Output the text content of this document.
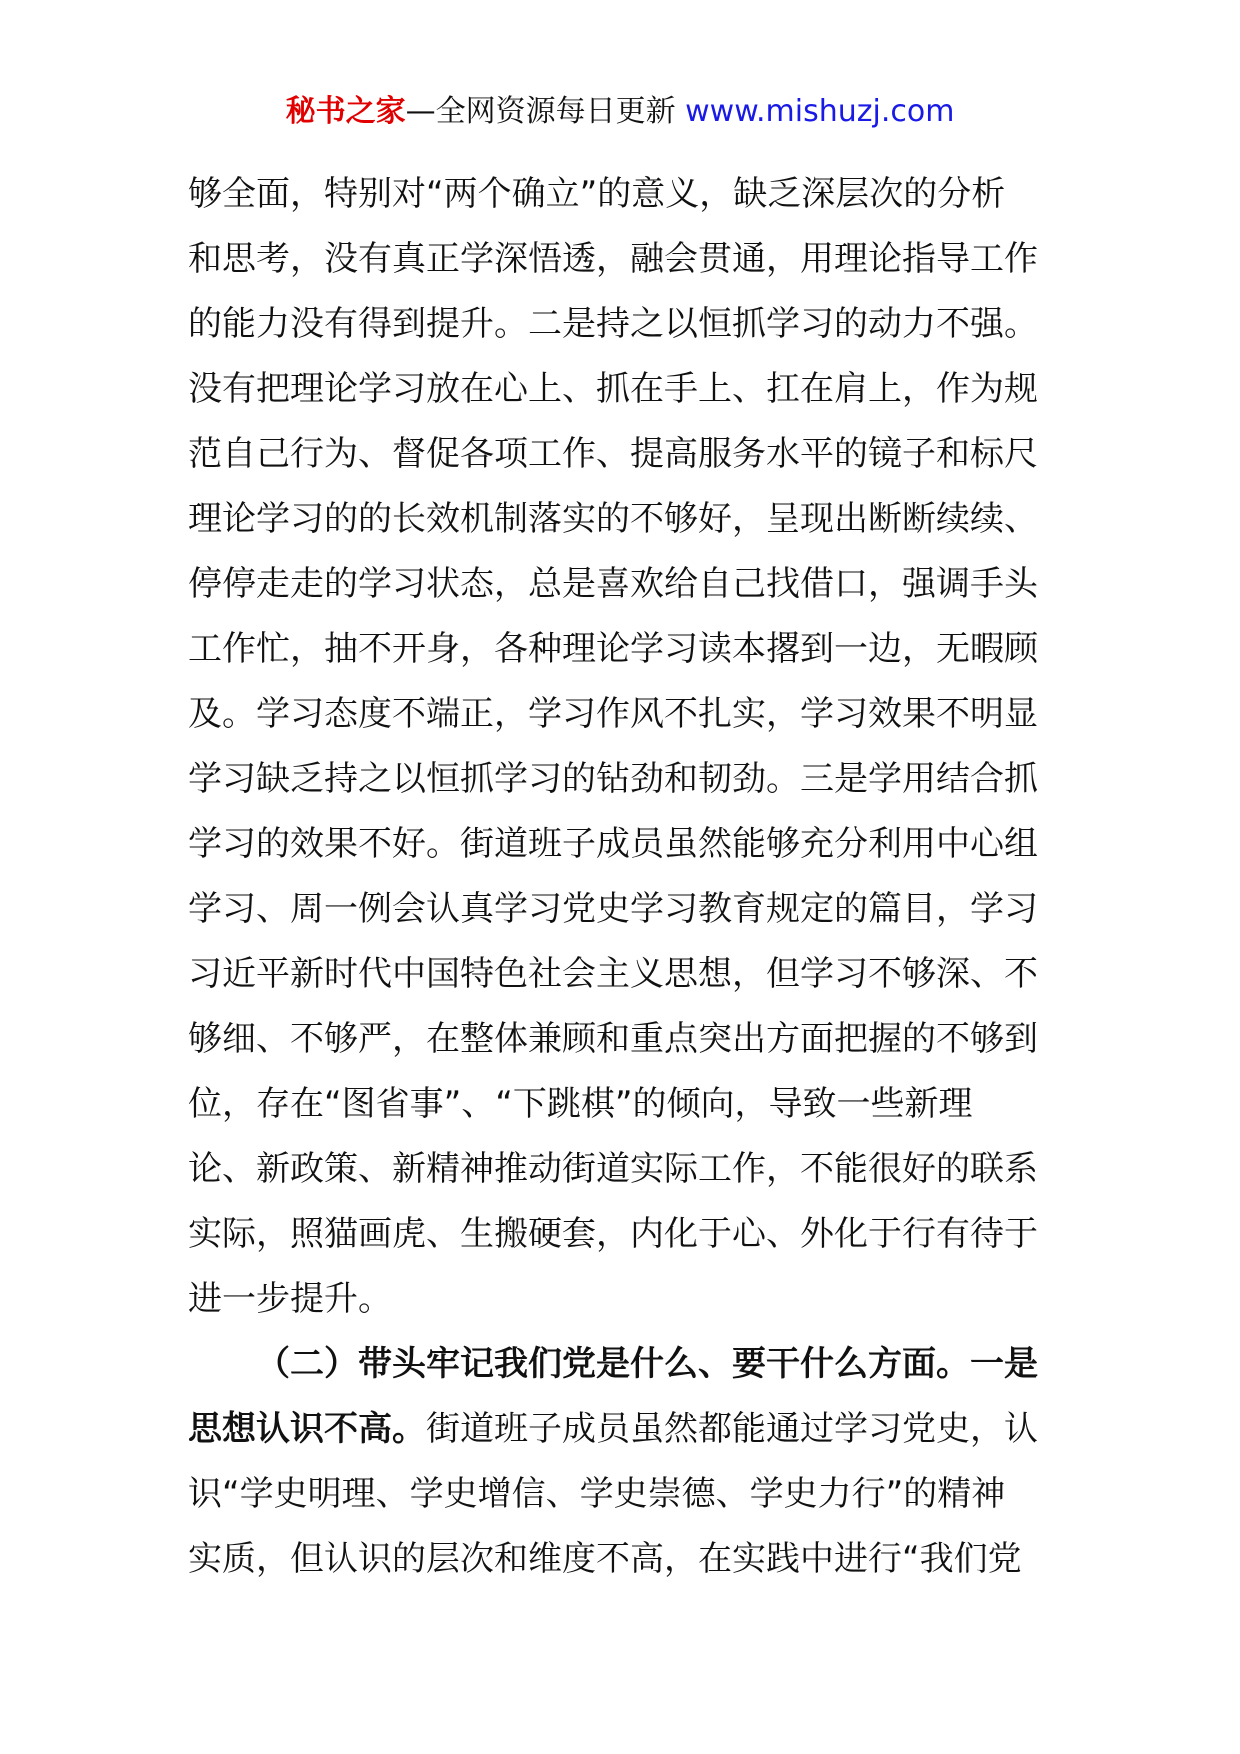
秘书之家—全网资源每日更新 www.mishuzj.com
够全面，特别对“两个确立”的意义，缺乏深层次的分析
和思考，没有真正学深悟透，融会贯通，用理论指导工作
的能力没有得到提升。二是持之以恒抓学习的动力不强。
没有把理论学习放在心上、抓在手上、扛在肩上，作为规
范自己行为、督促各项工作、提高服务水平的镜子和标尺
理论学习的的长效机制落实的不够好，呈现出断断续续、
停停走走的学习状态，总是喜欢给自己找借口，强调手头
工作忙，抽不开身，各种理论学习读本撂到一边，无暇顾
及。学习态度不端正，学习作风不扎实，学习效果不明显
学习缺乏持之以恒抓学习的钻劲和韧劲。三是学用结合抓
学习的效果不好。街道班子成员虽然能够充分利用中心组
学习、周一例会认真学习党史学习教育规定的篇目，学习
习近平新时代中国特色社会主义思想，但学习不够深、不
够细、不够严，在整体兼顾和重点突出方面把握的不够到
位，存在“图省事”、“下跳棋”的倾向，导致一些新理
论、新政策、新精神推动街道实际工作，不能很好的联系
实际，照猫画虎、生搬硬套，内化于心、外化于行有待于
进一步提升。
（二）带头牢记我们党是什么、要干什么方面。一是
思想认识不高。街道班子成员虽然都能通过学习党史，认
识“学史明理、学史增信、学史崇德、学史力行”的精神
实质，但认识的层次和维度不高，在实践中进行“我们党
